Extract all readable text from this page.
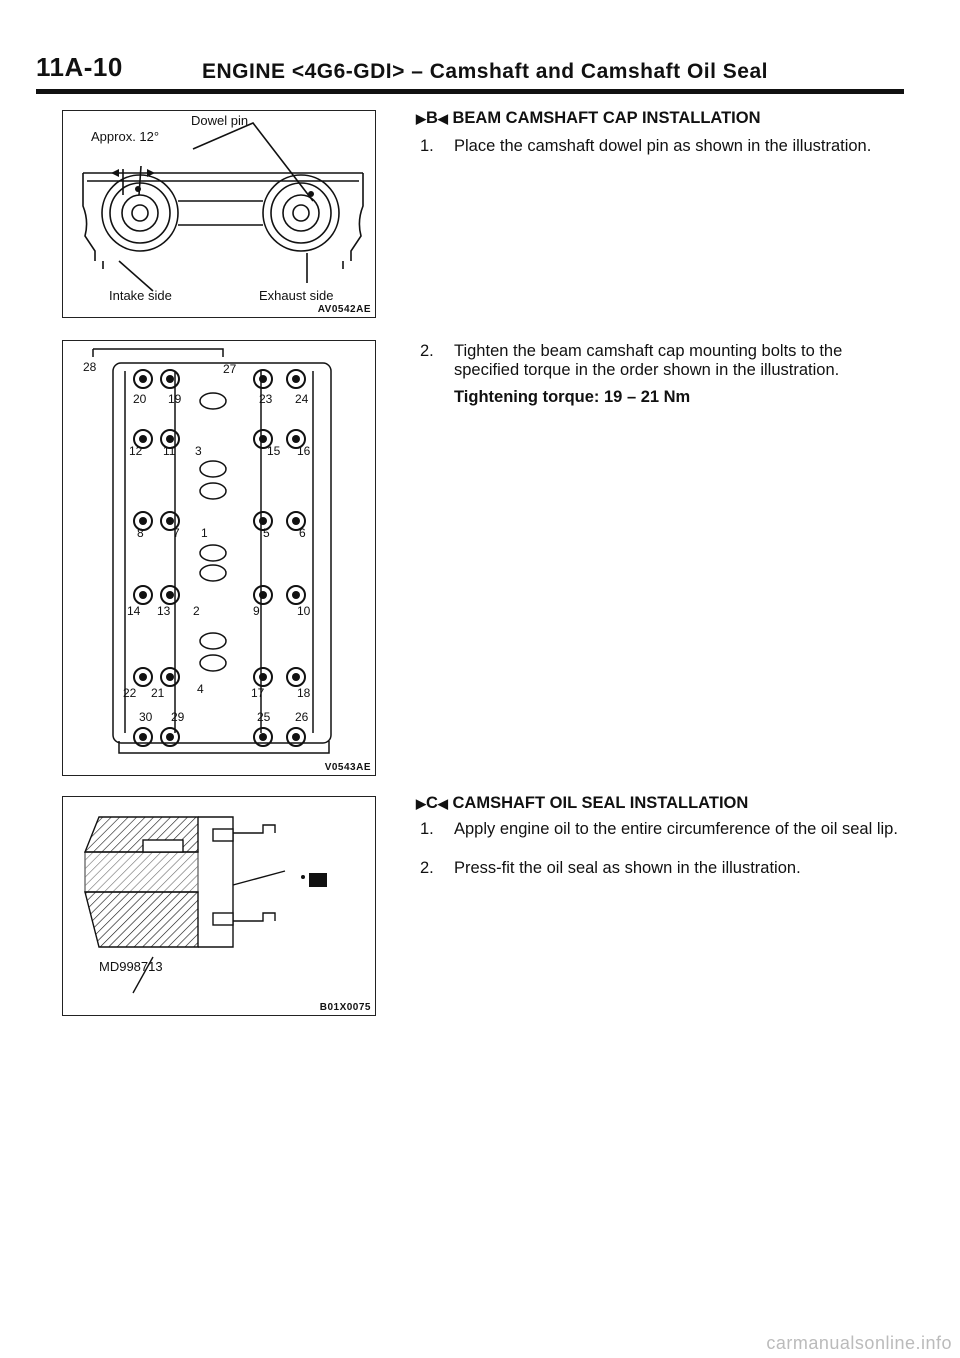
11A-10	ENGINE <4G6-GDI> – Camshaft and Camshaft Oil Seal
Dowel pin
Approx. 12°
Intake side	Exhaust side
AV0542AE
1
2
3
4
5 6
7
8
9	10
11
12
13
14
15 16
17	18
19
20
21
22
23 24
25 26
27
28
29
30
V0543AE
MD998713
B01X0075
▶B◀ BEAM CAMSHAFT CAP INSTALLATION
1. Place the camshaft dowel pin as shown in the illustration.
2. Tighten the beam camshaft cap mounting bolts to the specified torque in the order shown in the illustration.
Tightening torque: 19 – 21 Nm
▶C◀ CAMSHAFT OIL SEAL INSTALLATION
1. Apply engine oil to the entire circumference of the oil seal lip.
2. Press-fit the oil seal as shown in the illustration.
carmanualsonline.info
